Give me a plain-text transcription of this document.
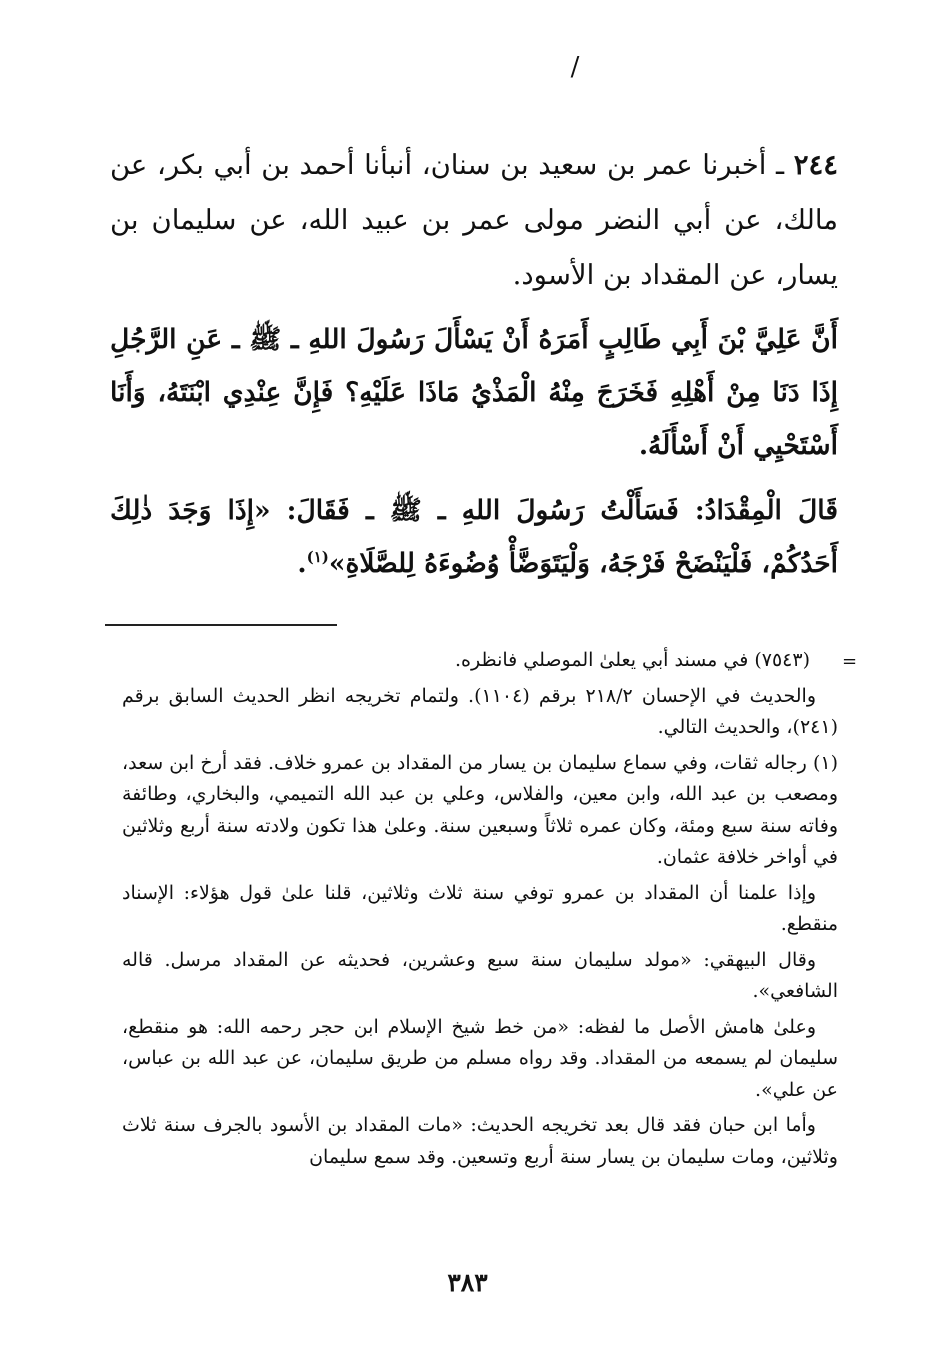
/

٢٤٤ ـ أخبرنا عمر بن سعيد بن سنان، أنبأنا أحمد بن أبي بكر، عن مالك، عن أبي النضر مولى عمر بن عبيد الله، عن سليمان بن يسار، عن المقداد بن الأسود.

أَنَّ عَلِيَّ بْنَ أَبِي طَالِبٍ أَمَرَهُ أَنْ يَسْأَلَ رَسُولَ اللهِ ـ ﷺ ـ عَنِ الرَّجُلِ إِذَا دَنَا مِنْ أَهْلِهِ فَخَرَجَ مِنْهُ الْمَذْيُ مَاذَا عَلَيْهِ؟ فَإِنَّ عِنْدِي ابْنَتَهُ، وَأَنَا أَسْتَحْيِي أَنْ أَسْأَلَهُ.

قَالَ الْمِقْدَادُ: فَسَأَلْتُ رَسُولَ اللهِ ـ ﷺ ـ فَقَالَ: «إِذَا وَجَدَ ذٰلِكَ أَحَدُكُمْ، فَلْيَنْضَحْ فَرْجَهُ، وَلْيَتَوَضَّأْ وُضُوءَهُ لِلصَّلَاةِ»$^{(١)}$.

=

(٧٥٤٣) في مسند أبي يعلىٰ الموصلي فانظره.

والحديث في الإحسان ٢١٨/٢ برقم (١١٠٤). ولتمام تخريجه انظر الحديث السابق برقم (٢٤١)، والحديث التالي.

(١) رجاله ثقات، وفي سماع سليمان بن يسار من المقداد بن عمرو خلاف. فقد أرخ ابن سعد، ومصعب بن عبد الله، وابن معين، والفلاس، وعلي بن عبد الله التميمي، والبخاري، وطائفة وفاته سنة سبع ومئة، وكان عمره ثلاثاً وسبعين سنة. وعلىٰ هذا تكون ولادته سنة أربع وثلاثين في أواخر خلافة عثمان.

وإذا علمنا أن المقداد بن عمرو توفي سنة ثلاث وثلاثين، قلنا علىٰ قول هؤلاء: الإسناد منقطع.

وقال البيهقي: «مولد سليمان سنة سبع وعشرين، فحديثه عن المقداد مرسل. قاله الشافعي».

وعلىٰ هامش الأصل ما لفظه: «من خط شيخ الإسلام ابن حجر رحمه الله: هو منقطع، سليمان لم يسمعه من المقداد. وقد رواه مسلم من طريق سليمان، عن عبد الله بن عباس، عن علي».

وأما ابن حبان فقد قال بعد تخريجه الحديث: «مات المقداد بن الأسود بالجرف سنة ثلاث وثلاثين، ومات سليمان بن يسار سنة أربع وتسعين. وقد سمع سليمان

٣٨٣
